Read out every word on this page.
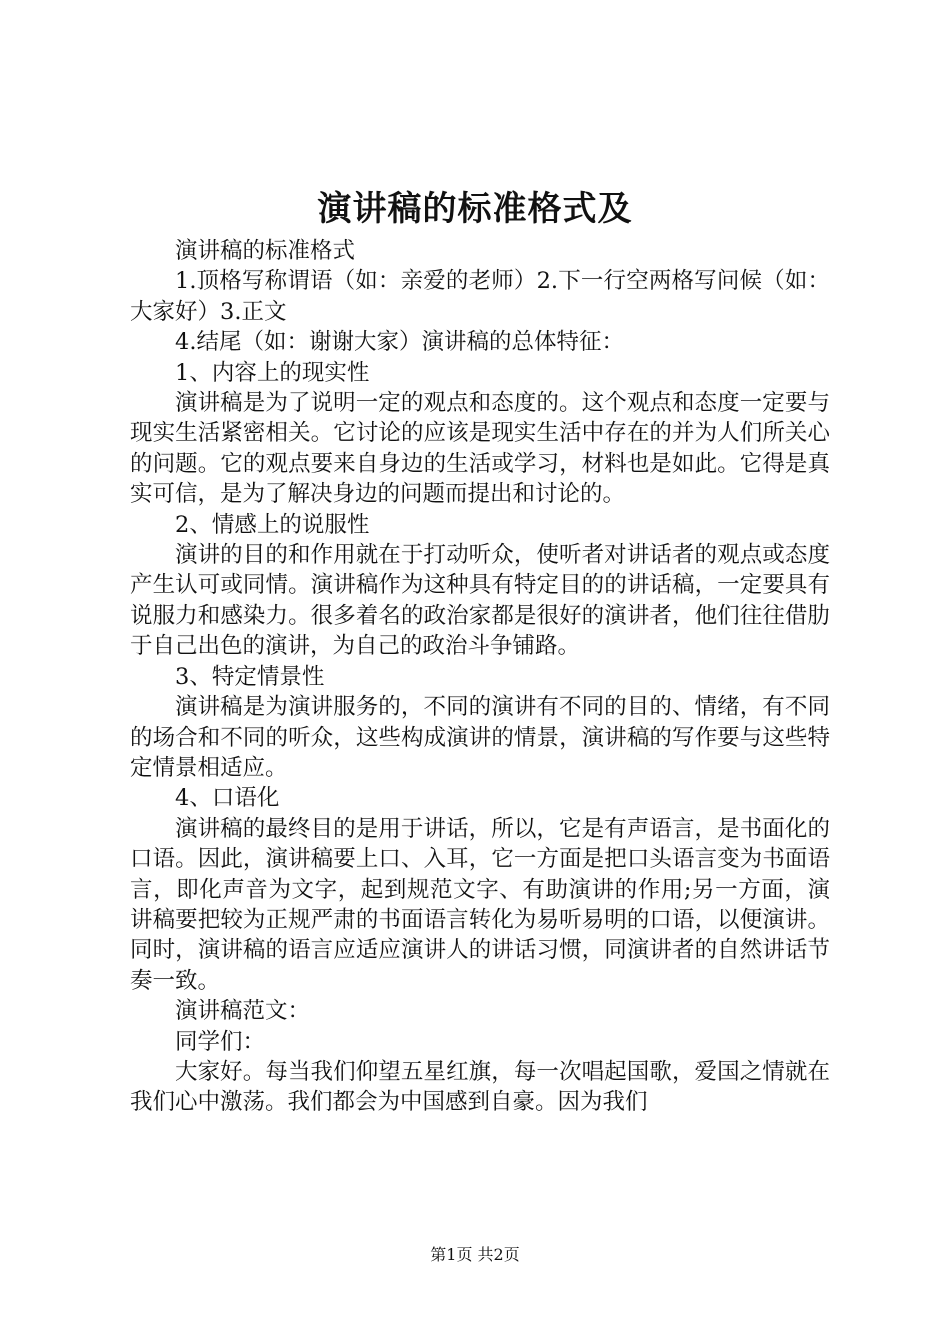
演讲稿的标准格式及

演讲稿的标准格式

1.顶格写称谓语（如：亲爱的老师）2.下一行空两格写问候（如：大家好）3.正文

4.结尾（如：谢谢大家）演讲稿的总体特征：

1、内容上的现实性

演讲稿是为了说明一定的观点和态度的。这个观点和态度一定要与现实生活紧密相关。它讨论的应该是现实生活中存在的并为人们所关心的问题。它的观点要来自身边的生活或学习，材料也是如此。它得是真实可信，是为了解决身边的问题而提出和讨论的。

2、情感上的说服性

演讲的目的和作用就在于打动听众，使听者对讲话者的观点或态度产生认可或同情。演讲稿作为这种具有特定目的的讲话稿，一定要具有说服力和感染力。很多着名的政治家都是很好的演讲者，他们往往借肋于自己出色的演讲，为自己的政治斗争铺路。

3、特定情景性

演讲稿是为演讲服务的，不同的演讲有不同的目的、情绪，有不同的场合和不同的听众，这些构成演讲的情景，演讲稿的写作要与这些特定情景相适应。

4、口语化

演讲稿的最终目的是用于讲话，所以，它是有声语言，是书面化的口语。因此，演讲稿要上口、入耳，它一方面是把口头语言变为书面语言，即化声音为文字，起到规范文字、有助演讲的作用;另一方面，演讲稿要把较为正规严肃的书面语言转化为易听易明的口语，以便演讲。同时，演讲稿的语言应适应演讲人的讲话习惯，同演讲者的自然讲话节奏一致。

演讲稿范文：

同学们：

大家好。每当我们仰望五星红旗，每一次唱起国歌，爱国之情就在我们心中激荡。我们都会为中国感到自豪。因为我们

第1页 共2页
